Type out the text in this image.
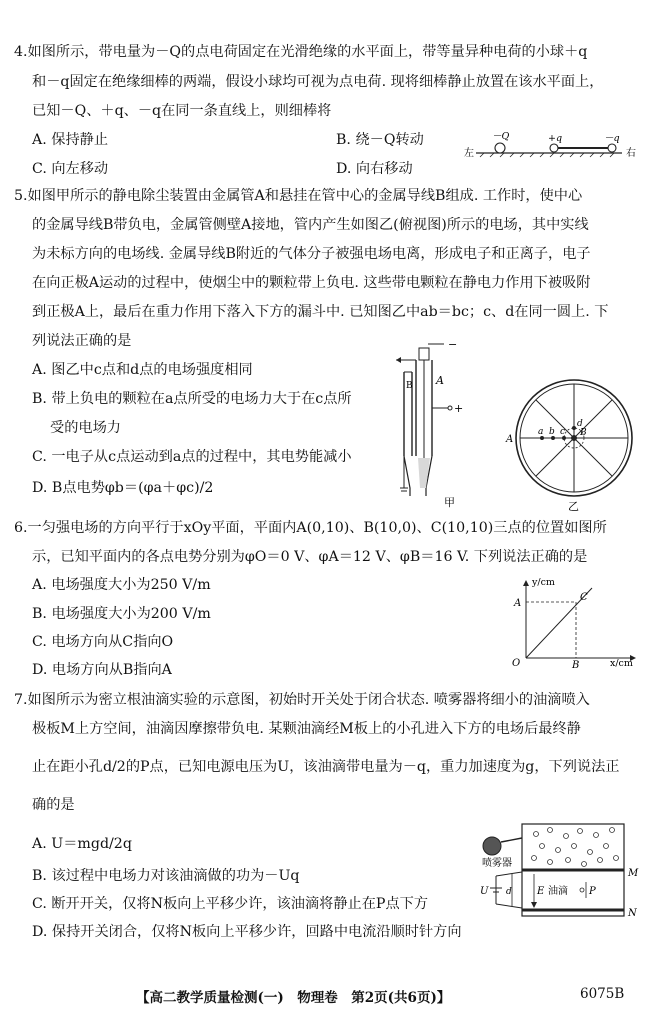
4.如图所示，带电量为－Q的点电荷固定在光滑绝缘的水平面上，带等量异种电荷的小球＋q
和－q固定在绝缘细棒的两端，假设小球均可视为点电荷. 现将细棒静止放置在该水平面上，
已知－Q、＋q、－q在同一条直线上，则细棒将
A. 保持静止	B. 绕－Q转动
C. 向左移动	D. 向右移动
左	右
－Q	+q	－q
5.如图甲所示的静电除尘装置由金属管A和悬挂在管中心的金属导线B组成. 工作时，使中心
的金属导线B带负电，金属管侧壁A接地，管内产生如图乙(俯视图)所示的电场，其中实线
为未标方向的电场线. 金属导线B附近的气体分子被强电场电离，形成电子和正离子，电子
在向正极A运动的过程中，使烟尘中的颗粒带上负电. 这些带电颗粒在静电力作用下被吸附
到正极A上，最后在重力作用下落入下方的漏斗中. 已知图乙中ab＝bc；c、d在同一圆上. 下
列说法正确的是
A. 图乙中c点和d点的电场强度相同
B. 带上负电的颗粒在a点所受的电场力大于在c点所
受的电场力
C. 一电子从c点运动到a点的过程中，其电势能减小
D. B点电势φb＝(φa＋φc)/2
−
+
A
B
甲
A
a b c
d
B
乙
6.一匀强电场的方向平行于xOy平面，平面内A(0,10)、B(10,0)、C(10,10)三点的位置如图所
示，已知平面内的各点电势分别为φO＝0 V、φA＝12 V、φB＝16 V. 下列说法正确的是
A. 电场强度大小为250 V/m
B. 电场强度大小为200 V/m
C. 电场方向从C指向O
D. 电场方向从B指向A
y/cm
x/cm
O
A
B
C
7.如图所示为密立根油滴实验的示意图，初始时开关处于闭合状态. 喷雾器将细小的油滴喷入
极板M上方空间，油滴因摩擦带负电. 某颗油滴经M板上的小孔进入下方的电场后最终静
止在距小孔d/2的P点，已知电源电压为U，该油滴带电量为－q，重力加速度为g，下列说法正
确的是
A. U＝mgd/2q
B. 该过程中电场力对该油滴做的功为－Uq
C. 断开开关，仅将N板向上平移少许，该油滴将静止在P点下方
D. 保持开关闭合，仅将N板向上平移少许，回路中电流沿顺时针方向
喷雾器
U d	E 油滴 P
M
N
【高二教学质量检测(一)　物理卷　第2页(共6页)】	6075B
